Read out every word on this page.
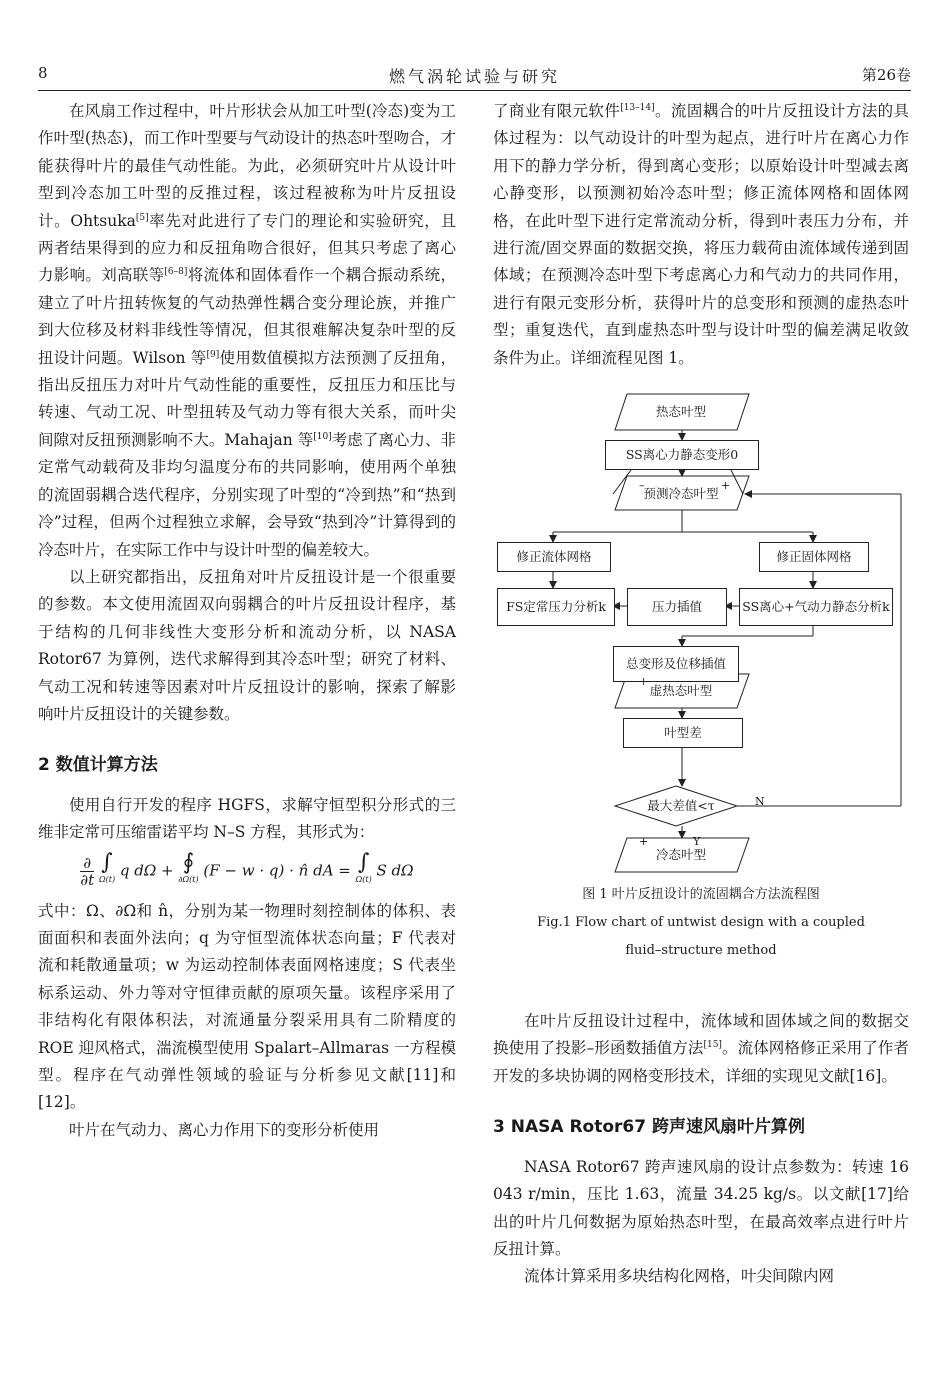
8	燃气涡轮试验与研究	第26卷

在风扇工作过程中，叶片形状会从加工叶型(冷态)变为工作叶型(热态)，而工作叶型要与气动设计的热态叶型吻合，才能获得叶片的最佳气动性能。为此，必须研究叶片从设计叶型到冷态加工叶型的反推过程，该过程被称为叶片反扭设计。Ohtsuka[5]率先对此进行了专门的理论和实验研究，且两者结果得到的应力和反扭角吻合很好，但其只考虑了离心力影响。刘高联等[6–8]将流体和固体看作一个耦合振动系统，建立了叶片扭转恢复的气动热弹性耦合变分理论族，并推广到大位移及材料非线性等情况，但其很难解决复杂叶型的反扭设计问题。Wilson 等[9]使用数值模拟方法预测了反扭角，指出反扭压力对叶片气动性能的重要性，反扭压力和压比与转速、气动工况、叶型扭转及气动力等有很大关系，而叶尖间隙对反扭预测影响不大。Mahajan 等[10]考虑了离心力、非定常气动载荷及非均匀温度分布的共同影响，使用两个单独的流固弱耦合迭代程序，分别实现了叶型的“冷到热”和“热到冷”过程，但两个过程独立求解，会导致“热到冷”计算得到的冷态叶片，在实际工作中与设计叶型的偏差较大。

以上研究都指出，反扭角对叶片反扭设计是一个很重要的参数。本文使用流固双向弱耦合的叶片反扭设计程序，基于结构的几何非线性大变形分析和流动分析，以 NASA Rotor67 为算例，迭代求解得到其冷态叶型；研究了材料、气动工况和转速等因素对叶片反扭设计的影响，探索了解影响叶片反扭设计的关键参数。

2 数值计算方法

使用自行开发的程序 HGFS，求解守恒型积分形式的三维非定常可压缩雷诺平均 N–S 方程，其形式为：

∂
∂t ∫
Ω(t) q dΩ + ∮
∂Ω(t) (F − w · q) · n̂ dA = ∫
Ω(t) S dΩ

式中：Ω、∂Ω和 n̂，分别为某一物理时刻控制体的体积、表面面积和表面外法向；q 为守恒型流体状态向量；F 代表对流和耗散通量项；w 为运动控制体表面网格速度；S 代表坐标系运动、外力等对守恒律贡献的原项矢量。该程序采用了非结构化有限体积法，对流通量分裂采用具有二阶精度的 ROE 迎风格式，湍流模型使用 Spalart–Allmaras 一方程模型。程序在气动弹性领域的验证与分析参见文献[11]和[12]。

叶片在气动力、离心力作用下的变形分析使用

了商业有限元软件[13–14]。流固耦合的叶片反扭设计方法的具体过程为：以气动设计的叶型为起点，进行叶片在离心力作用下的静力学分析，得到离心变形；以原始设计叶型减去离心静变形，以预测初始冷态叶型；修正流体网格和固体网格，在此叶型下进行定常流动分析，得到叶表压力分布，并进行流/固交界面的数据交换，将压力载荷由流体域传递到固体域；在预测冷态叶型下考虑离心力和气动力的共同作用，进行有限元变形分析，获得叶片的总变形和预测的虚热态叶型；重复迭代，直到虚热态叶型与设计叶型的偏差满足收敛条件为止。详细流程见图 1。

热态叶型
SS离心力静态变形0
–	+
预测冷态叶型
修正流体网格	修正固体网格
FS定常压力分析k	压力插值	SS离心+气动力静态分析k
总变形及位移插值
+
虚热态叶型
叶型差
最大差值<τ	N
+	Y
冷态叶型
图 1 叶片反扭设计的流固耦合方法流程图
Fig.1 Flow chart of untwist design with a coupled
fluid–structure method

在叶片反扭设计过程中，流体域和固体域之间的数据交换使用了投影–形函数插值方法[15]。流体网格修正采用了作者开发的多块协调的网格变形技术，详细的实现见文献[16]。

3 NASA Rotor67 跨声速风扇叶片算例

NASA Rotor67 跨声速风扇的设计点参数为：转速 16 043 r/min，压比 1.63，流量 34.25 kg/s。以文献[17]给出的叶片几何数据为原始热态叶型，在最高效率点进行叶片反扭计算。

流体计算采用多块结构化网格，叶尖间隙内网
